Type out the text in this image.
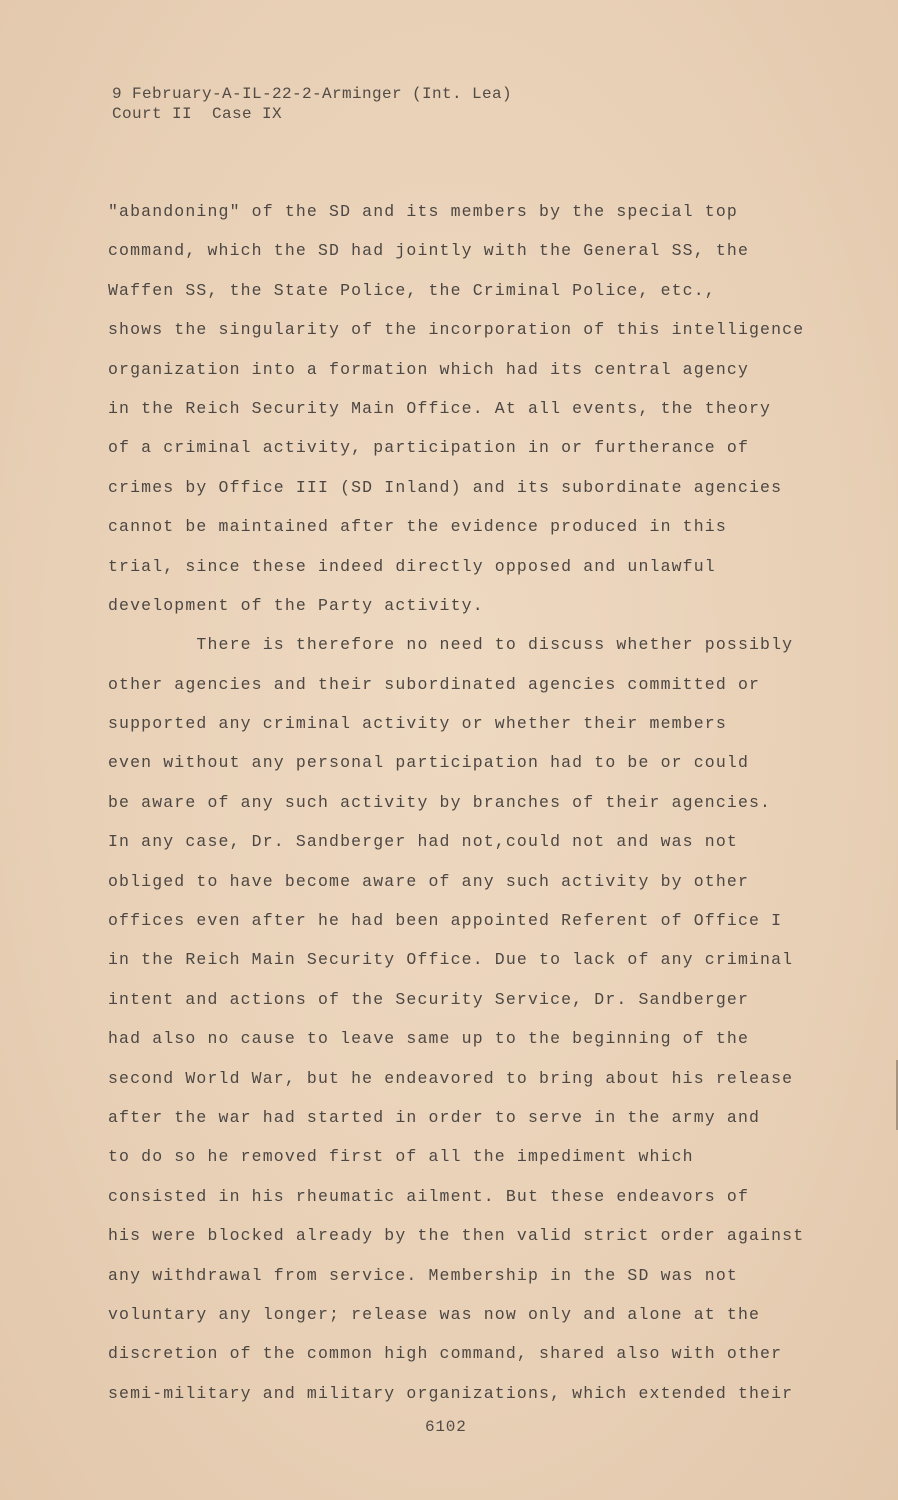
9 February-A-IL-22-2-Arminger (Int. Lea)
Court II  Case IX
"abandoning" of the SD and its members by the special top
command, which the SD had jointly with the General SS, the
Waffen SS, the State Police, the Criminal Police, etc.,
shows the singularity of the incorporation of this intelligence
organization into a formation which had its central agency
in the Reich Security Main Office. At all events, the theory
of a criminal activity, participation in or furtherance of
crimes by Office III (SD Inland) and its subordinate agencies
cannot be maintained after the evidence produced in this
trial, since these indeed directly opposed and unlawful
development of the Party activity.
There is therefore no need to discuss whether possibly
other agencies and their subordinated agencies committed or
supported any criminal activity or whether their members
even without any personal participation had to be or could
be aware of any such activity by branches of their agencies.
In any case, Dr. Sandberger had not,could not and was not
obliged to have become aware of any such activity by other
offices even after he had been appointed Referent of Office I
in the Reich Main Security Office. Due to lack of any criminal
intent and actions of the Security Service, Dr. Sandberger
had also no cause to leave same up to the beginning of the
second World War, but he endeavored to bring about his release
after the war had started in order to serve in the army and
to do so he removed first of all the impediment which
consisted in his rheumatic ailment. But these endeavors of
his were blocked already by the then valid strict order against
any withdrawal from service. Membership in the SD was not
voluntary any longer; release was now only and alone at the
discretion of the common high command, shared also with other
semi-military and military organizations, which extended their
6102
